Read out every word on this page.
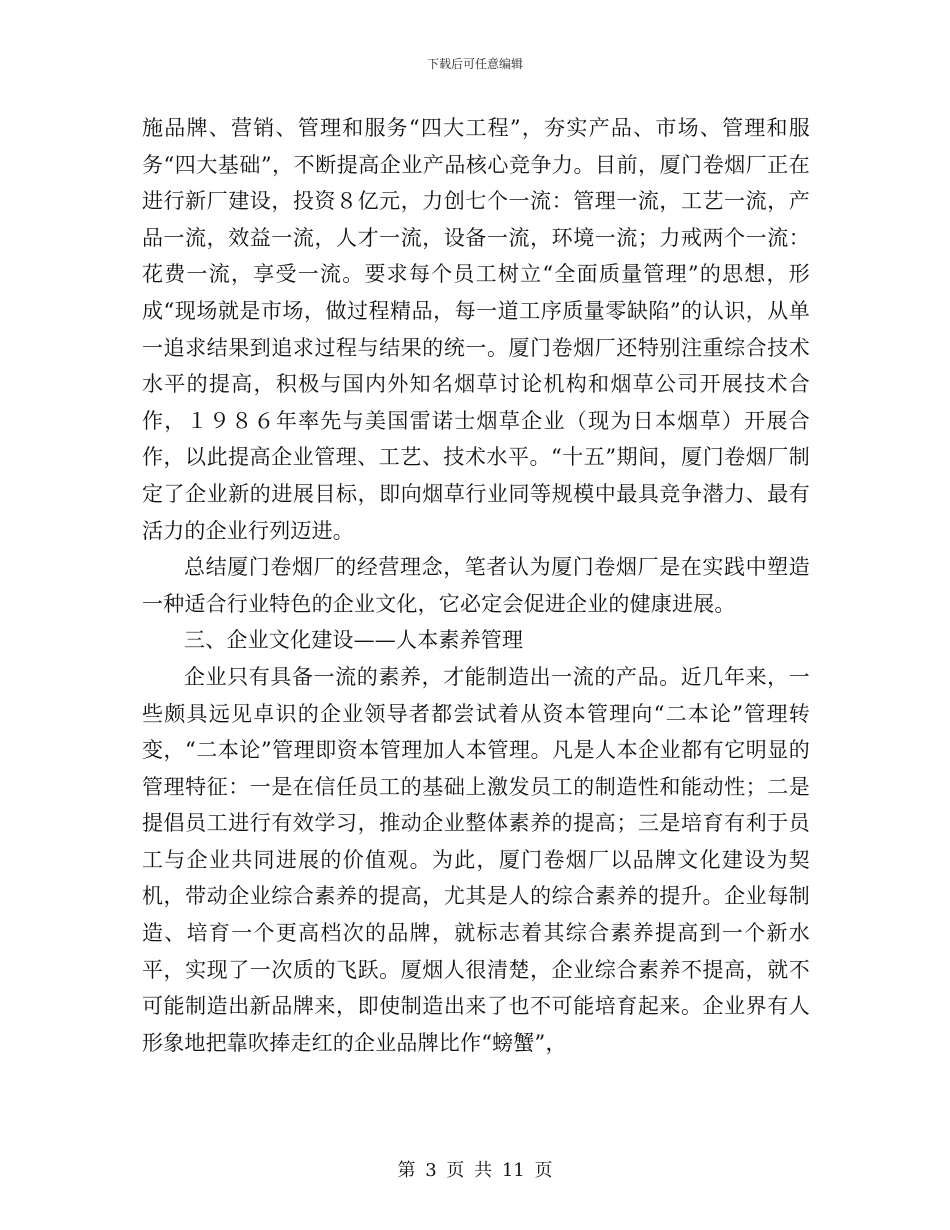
下载后可任意编辑

施品牌、营销、管理和服务“四大工程”，夯实产品、市场、管理和服务“四大基础”，不断提高企业产品核心竞争力。目前，厦门卷烟厂正在进行新厂建设，投资８亿元，力创七个一流：管理一流，工艺一流，产品一流，效益一流，人才一流，设备一流，环境一流；力戒两个一流：花费一流，享受一流。要求每个员工树立“全面质量管理”的思想，形成“现场就是市场，做过程精品，每一道工序质量零缺陷”的认识，从单一追求结果到追求过程与结果的统一。厦门卷烟厂还特别注重综合技术水平的提高，积极与国内外知名烟草讨论机构和烟草公司开展技术合作，１９８６年率先与美国雷诺士烟草企业（现为日本烟草）开展合作，以此提高企业管理、工艺、技术水平。“十五”期间，厦门卷烟厂制定了企业新的进展目标，即向烟草行业同等规模中最具竞争潜力、最有活力的企业行列迈进。

总结厦门卷烟厂的经营理念，笔者认为厦门卷烟厂是在实践中塑造一种适合行业特色的企业文化，它必定会促进企业的健康进展。

三、企业文化建设——人本素养管理

企业只有具备一流的素养，才能制造出一流的产品。近几年来，一些颇具远见卓识的企业领导者都尝试着从资本管理向“二本论”管理转变，“二本论”管理即资本管理加人本管理。凡是人本企业都有它明显的管理特征：一是在信任员工的基础上激发员工的制造性和能动性；二是提倡员工进行有效学习，推动企业整体素养的提高；三是培育有利于员工与企业共同进展的价值观。为此，厦门卷烟厂以品牌文化建设为契机，带动企业综合素养的提高，尤其是人的综合素养的提升。企业每制造、培育一个更高档次的品牌，就标志着其综合素养提高到一个新水平，实现了一次质的飞跃。厦烟人很清楚，企业综合素养不提高，就不可能制造出新品牌来，即使制造出来了也不可能培育起来。企业界有人形象地把靠吹捧走红的企业品牌比作“螃蟹”，

第 3 页 共 11 页
